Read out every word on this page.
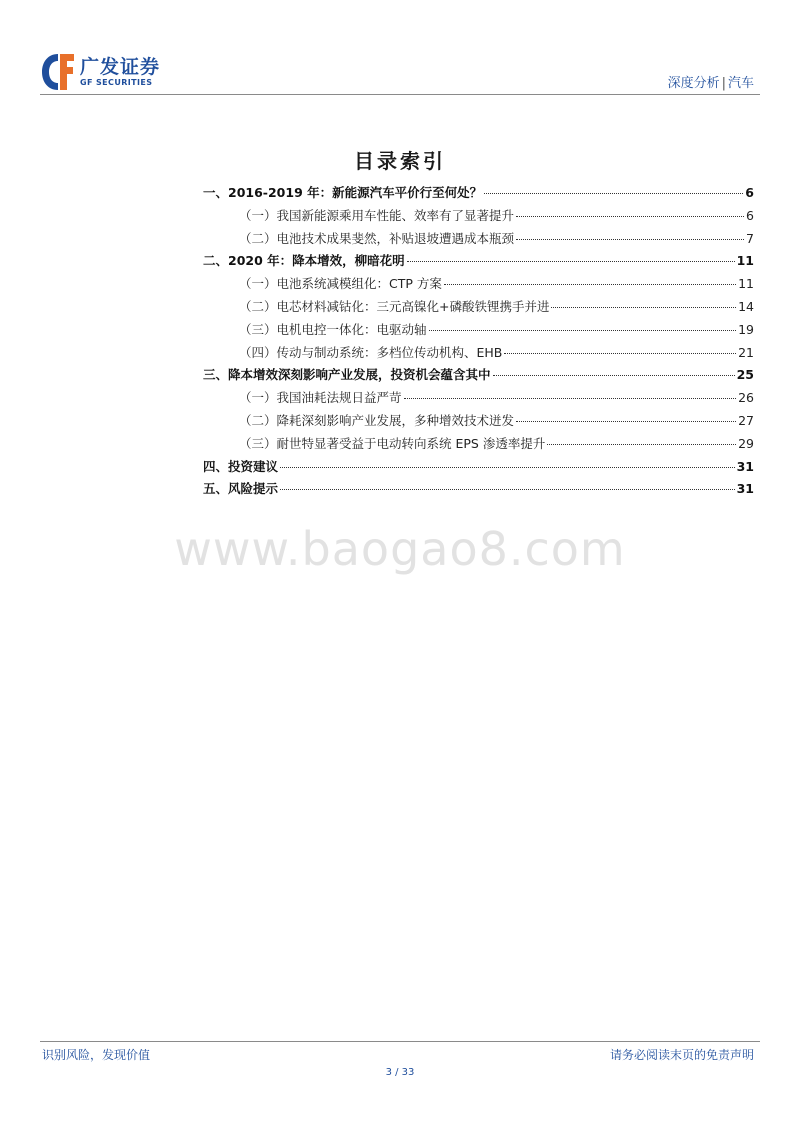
广发证券
GF SECURITIES	深度分析 | 汽车
目录索引
一、2016-2019 年：新能源汽车平价行至何处？	6
（一）我国新能源乘用车性能、效率有了显著提升	6
（二）电池技术成果斐然，补贴退坡遭遇成本瓶颈	7
二、2020 年：降本增效，柳暗花明	11
（一）电池系统减模组化：CTP 方案	11
（二）电芯材料减钴化：三元高镍化+磷酸铁锂携手并进	14
（三）电机电控一体化：电驱动轴	19
（四）传动与制动系统：多档位传动机构、EHB	21
三、降本增效深刻影响产业发展，投资机会蕴含其中	25
（一）我国油耗法规日益严苛	26
（二）降耗深刻影响产业发展，多种增效技术迸发	27
（三）耐世特显著受益于电动转向系统 EPS 渗透率提升	29
四、投资建议	31
五、风险提示	31
www.baogao8.com
识别风险，发现价值	请务必阅读末页的免责声明
3 / 33
